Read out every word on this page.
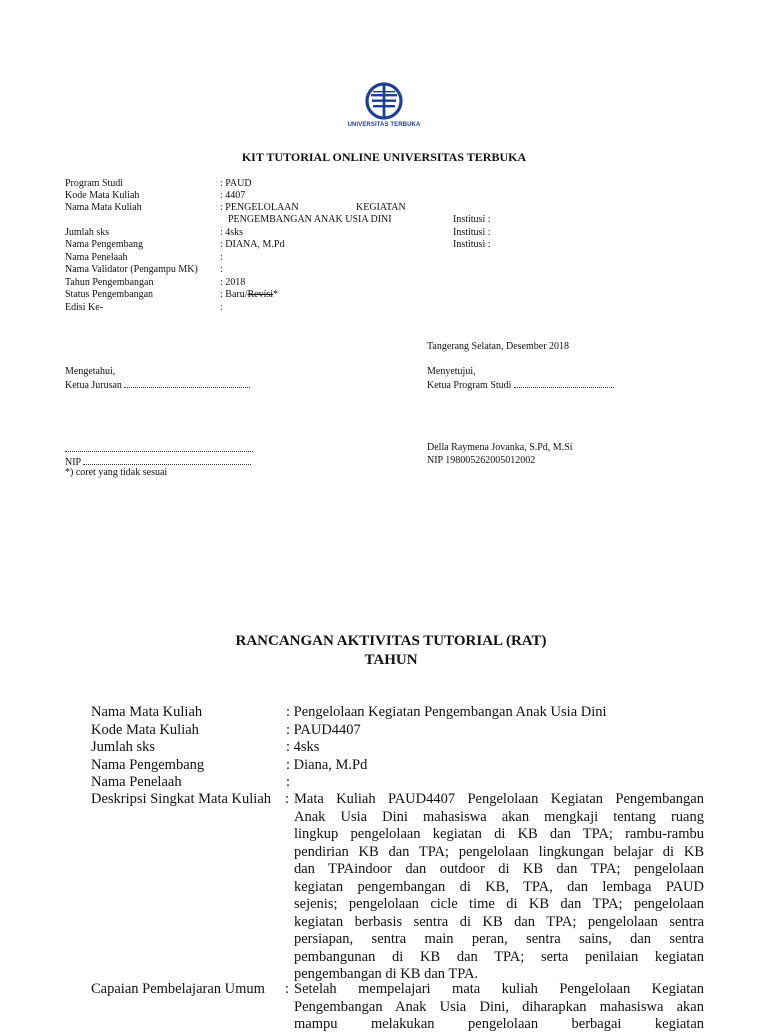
UNIVERSITAS TERBUKA
KIT TUTORIAL ONLINE UNIVERSITAS TERBUKA
Program Studi	: PAUD
Kode Mata Kuliah	: 4407
Nama Mata Kuliah	: PENGELOLAAN	KEGIATAN
PENGEMBANGAN ANAK USIA DINI
Jumlah sks	: 4sks
Nama Pengembang	: DIANA, M.Pd
Nama Penelaah	:
Nama Validator (Pengampu MK) :
Tahun Pengembangan	: 2018
Status Pengembangan	: Baru/Revisi*
Edisi Ke-	:
Institusi :
Institusi :
Institusi :
Tangerang Selatan, Desember 2018
Mengetahui,
Ketua Jurusan
Menyetujui,
Ketua Program Studi
NIP
Della Raymena Jovanka, S.Pd, M.Si
NIP 198005262005012002
*) coret yang tidak sesuai
RANCANGAN AKTIVITAS TUTORIAL (RAT)
TAHUN
Nama Mata Kuliah	: Pengelolaan Kegiatan Pengembangan Anak Usia Dini
Kode Mata Kuliah	: PAUD4407
Jumlah sks	: 4sks
Nama Pengembang	: Diana, M.Pd
Nama Penelaah	:
Deskripsi Singkat Mata Kuliah : Mata Kuliah PAUD4407 Pengelolaan Kegiatan Pengembangan
Anak Usia Dini mahasiswa akan mengkaji tentang ruang
lingkup pengelolaan kegiatan di KB dan TPA; rambu-rambu
pendirian KB dan TPA; pengelolaan lingkungan belajar di KB
dan TPAindoor dan outdoor di KB dan TPA; pengelolaan
kegiatan pengembangan di KB, TPA, dan lembaga PAUD
sejenis; pengelolaan cicle time di KB dan TPA; pengelolaan
kegiatan berbasis sentra di KB dan TPA; pengelolaan sentra
persiapan, sentra main peran, sentra sains, dan sentra
pembangunan di KB dan TPA; serta penilaian kegiatan
pengembangan di KB dan TPA.
Capaian Pembelajaran Umum : Setelah mempelajari mata kuliah Pengelolaan Kegiatan
Pengembangan Anak Usia Dini, diharapkan mahasiswa akan
mampu melakukan pengelolaan berbagai kegiatan
